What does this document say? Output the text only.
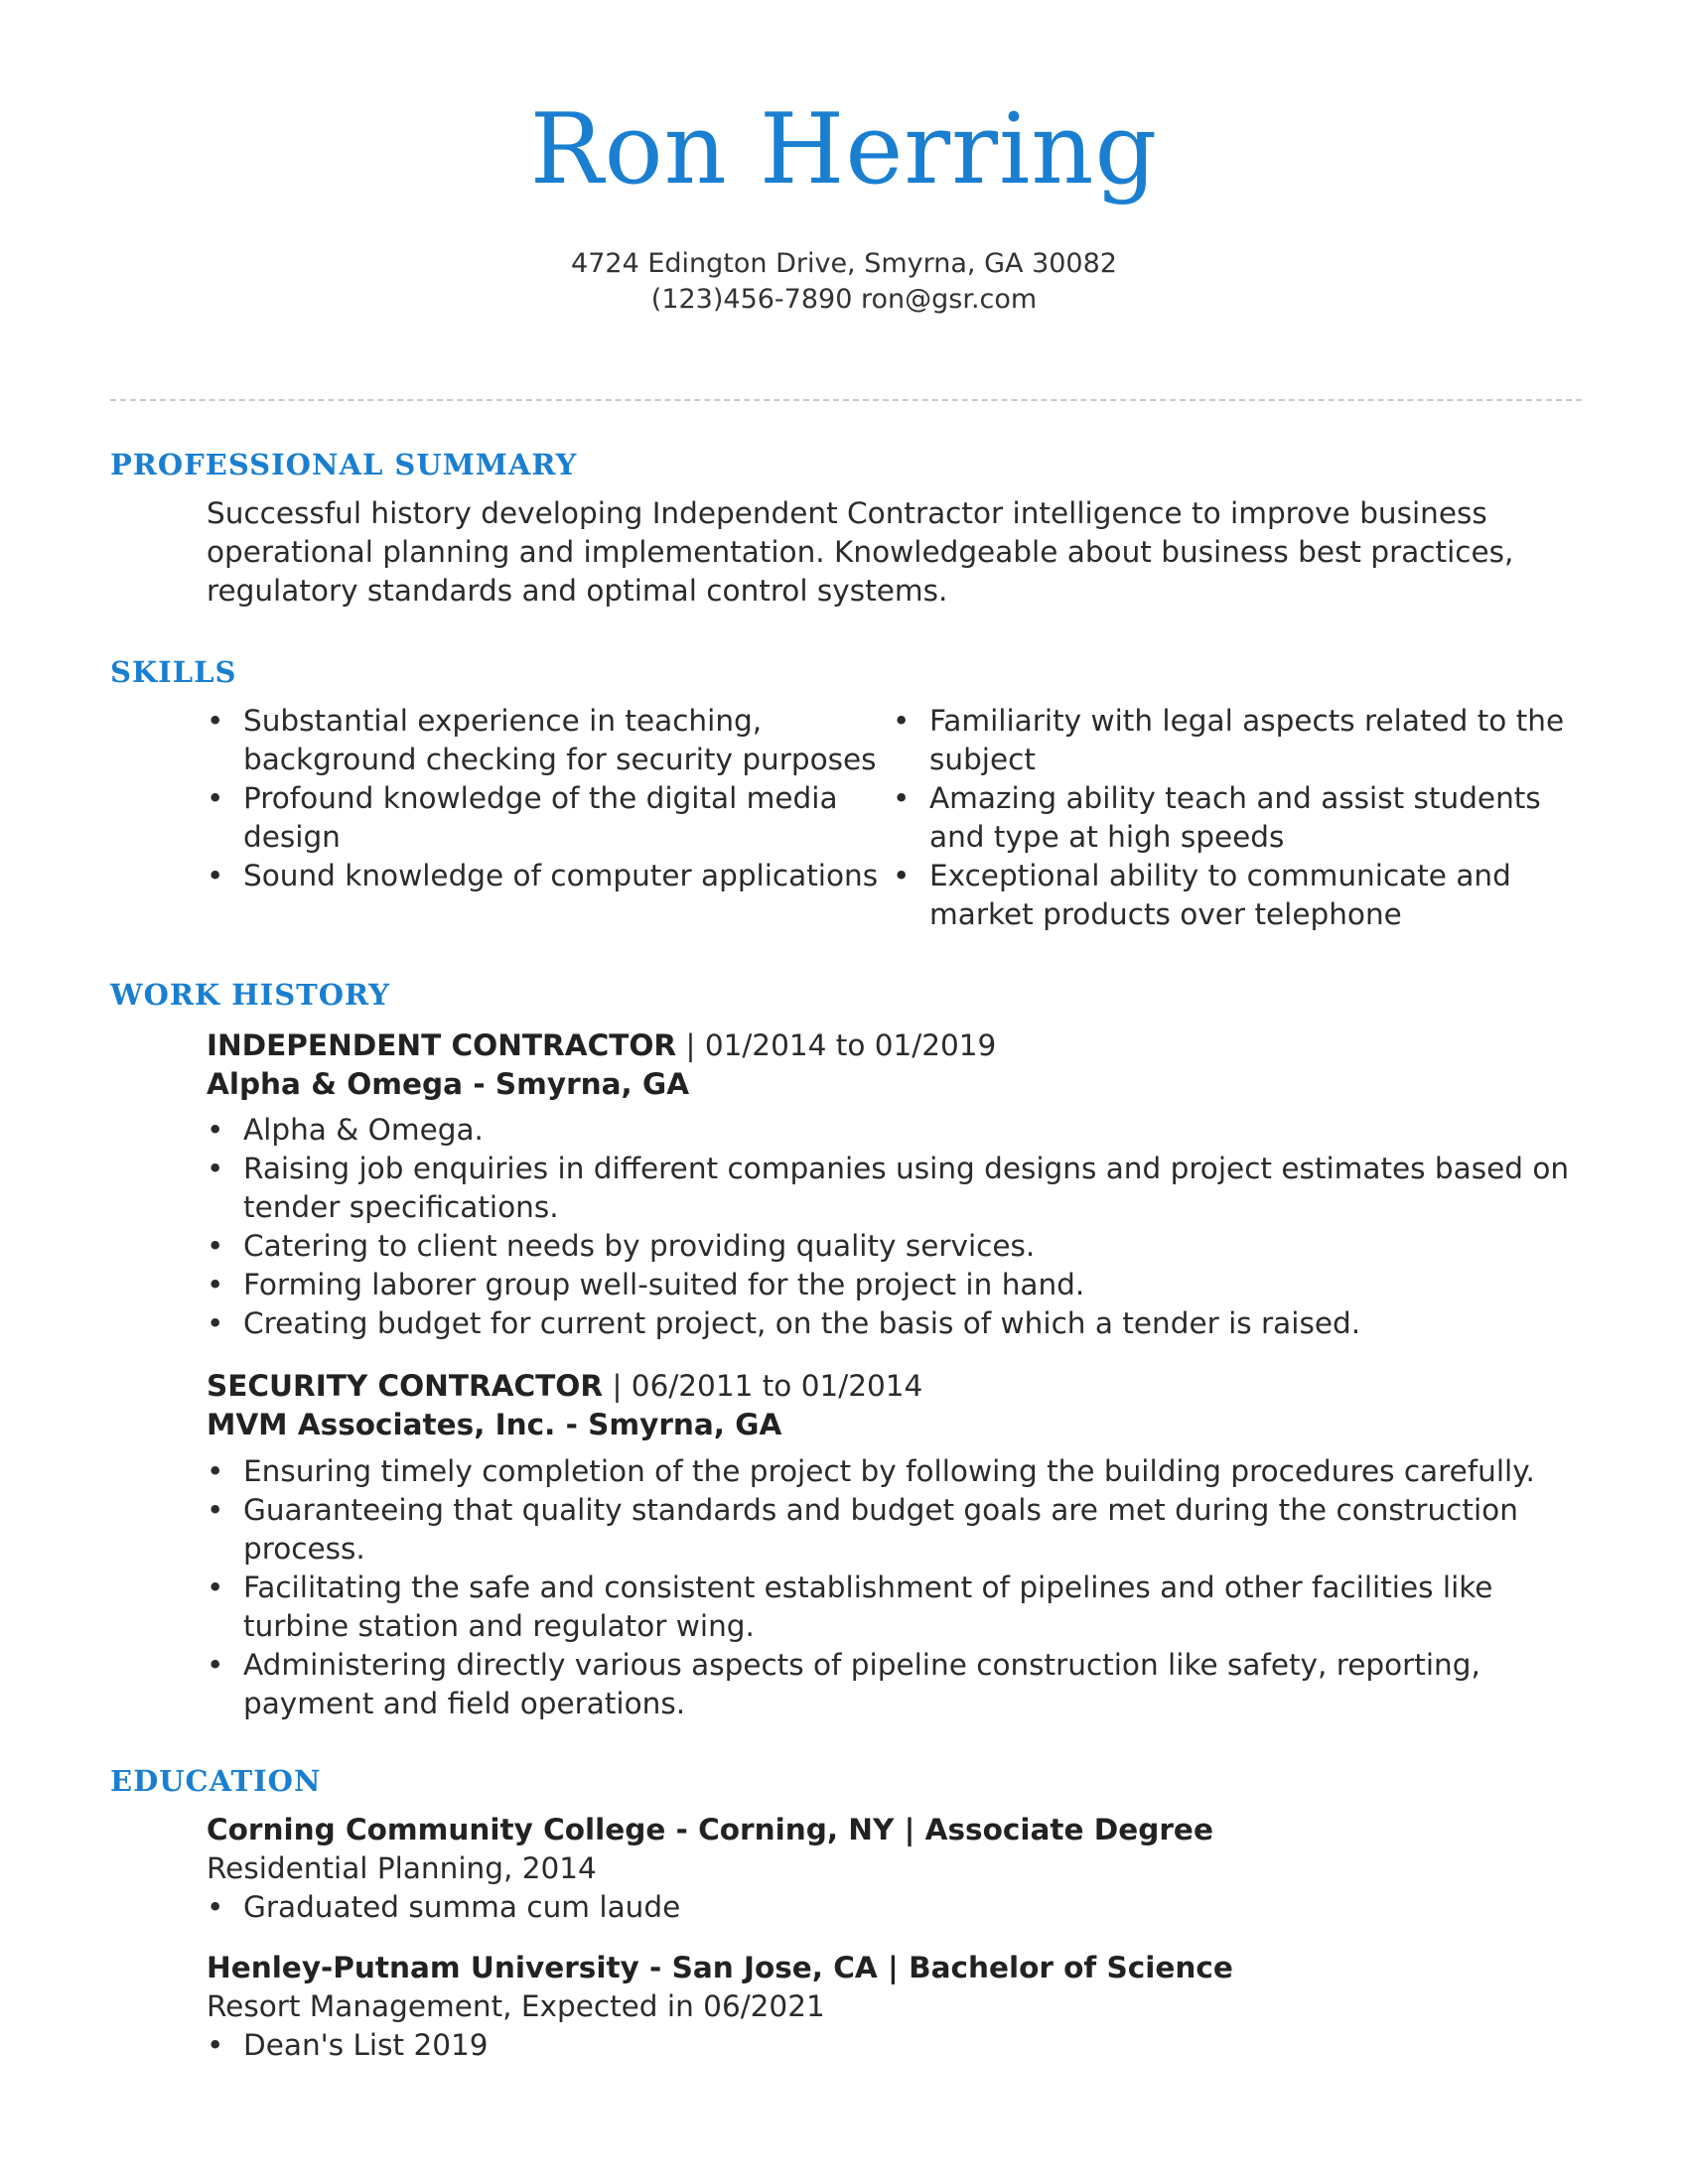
Ron Herring
4724 Edington Drive, Smyrna, GA 30082
(123)456-7890 ron@gsr.com
PROFESSIONAL SUMMARY
Successful history developing Independent Contractor intelligence to improve business operational planning and implementation. Knowledgeable about business best practices, regulatory standards and optimal control systems.
SKILLS
• Substantial experience in teaching, background checking for security purposes
• Profound knowledge of the digital media design
• Sound knowledge of computer applications
• Familiarity with legal aspects related to the subject
• Amazing ability teach and assist students and type at high speeds
• Exceptional ability to communicate and market products over telephone
WORK HISTORY
INDEPENDENT CONTRACTOR | 01/2014 to 01/2019
Alpha & Omega - Smyrna, GA
• Alpha & Omega.
• Raising job enquiries in different companies using designs and project estimates based on tender specifications.
• Catering to client needs by providing quality services.
• Forming laborer group well-suited for the project in hand.
• Creating budget for current project, on the basis of which a tender is raised.
SECURITY CONTRACTOR | 06/2011 to 01/2014
MVM Associates, Inc. - Smyrna, GA
• Ensuring timely completion of the project by following the building procedures carefully.
• Guaranteeing that quality standards and budget goals are met during the construction process.
• Facilitating the safe and consistent establishment of pipelines and other facilities like turbine station and regulator wing.
• Administering directly various aspects of pipeline construction like safety, reporting, payment and field operations.
EDUCATION
Corning Community College - Corning, NY | Associate Degree
Residential Planning, 2014
• Graduated summa cum laude
Henley-Putnam University - San Jose, CA | Bachelor of Science
Resort Management, Expected in 06/2021
• Dean's List 2019
